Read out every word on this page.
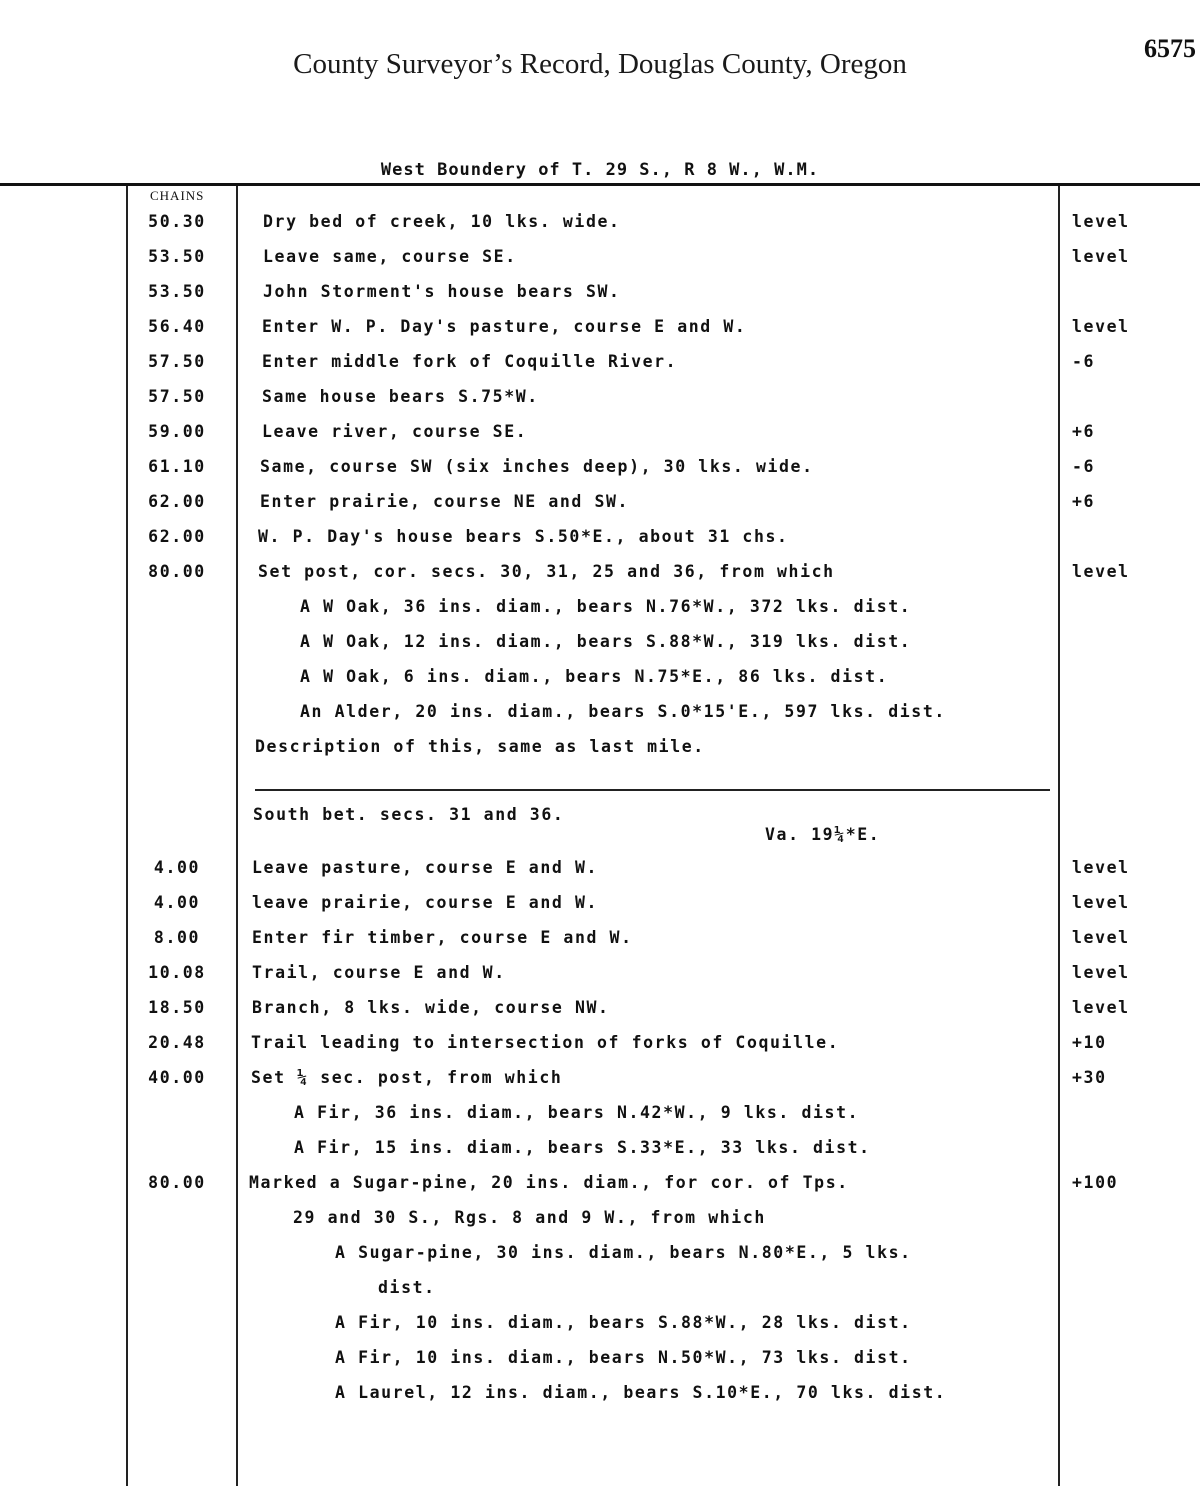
County Surveyor’s Record, Douglas County, Oregon	6575
West Boundery of T. 29 S., R 8 W., W.M.
CHAINS
50.30	Dry bed of creek, 10 lks. wide.	level
53.50	Leave same, course SE.	level
53.50	John Storment's house bears SW.
56.40	Enter W. P. Day's pasture, course E and W.	level
57.50	Enter middle fork of Coquille River.	-6
57.50	Same house bears S.75*W.
59.00	Leave river, course SE.	+6
61.10	Same, course SW (six inches deep), 30 lks. wide.	-6
62.00	Enter prairie, course NE and SW.	+6
62.00	W. P. Day's house bears S.50*E., about 31 chs.
80.00	Set post, cor. secs. 30, 31, 25 and 36, from which	level
A W Oak, 36 ins. diam., bears N.76*W., 372 lks. dist.
A W Oak, 12 ins. diam., bears S.88*W., 319 lks. dist.
A W Oak, 6 ins. diam., bears N.75*E., 86 lks. dist.
An Alder, 20 ins. diam., bears S.0*15'E., 597 lks. dist.
Description of this, same as last mile.
South bet. secs. 31 and 36.
Va. 19¼*E.
4.00	Leave pasture, course E and W.	level
4.00	leave prairie, course E and W.	level
8.00	Enter fir timber, course E and W.	level
10.08	Trail, course E and W.	level
18.50	Branch, 8 lks. wide, course NW.	level
20.48	Trail leading to intersection of forks of Coquille.	+10
40.00	Set ¼ sec. post, from which	+30
A Fir, 36 ins. diam., bears N.42*W., 9 lks. dist.
A Fir, 15 ins. diam., bears S.33*E., 33 lks. dist.
80.00	Marked a Sugar-pine, 20 ins. diam., for cor. of Tps.	+100
29 and 30 S., Rgs. 8 and 9 W., from which
A Sugar-pine, 30 ins. diam., bears N.80*E., 5 lks.
dist.
A Fir, 10 ins. diam., bears S.88*W., 28 lks. dist.
A Fir, 10 ins. diam., bears N.50*W., 73 lks. dist.
A Laurel, 12 ins. diam., bears S.10*E., 70 lks. dist.
